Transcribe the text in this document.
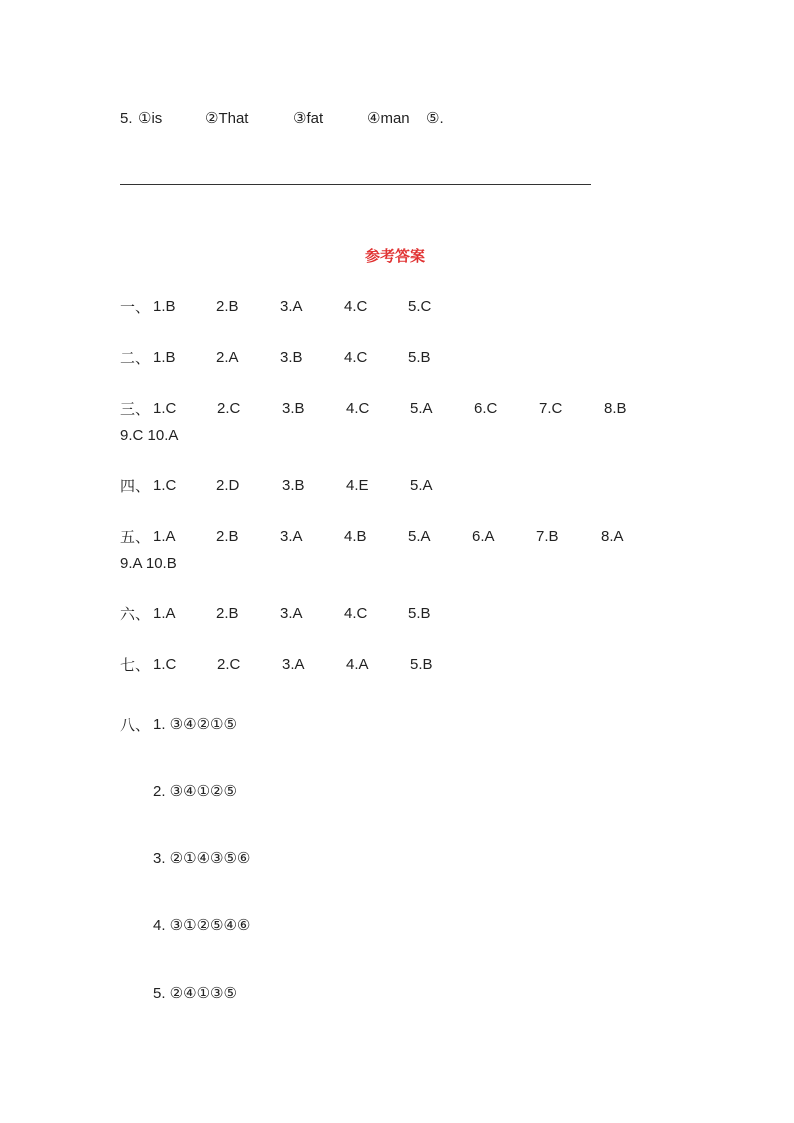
5. ①is	②That	③fat	④man ⑤.
参考答案
一、 1.B	2.B	3.A	4.C	5.C
二、 1.B	2.A	3.B	4.C	5.B
三、 1.C	2.C	3.B	4.C	5.A	6.C	7.C	8.B
9.C 10.A
四、 1.C	2.D	3.B	4.E	5.A
五、 1.A	2.B	3.A	4.B	5.A	6.A	7.B	8.A
9.A 10.B
六、 1.A	2.B	3.A	4.C	5.B
七、 1.C	2.C	3.A	4.A	5.B
八、 1. ③④②①⑤
2. ③④①②⑤
3. ②①④③⑤⑥
4. ③①②⑤④⑥
5. ②④①③⑤
